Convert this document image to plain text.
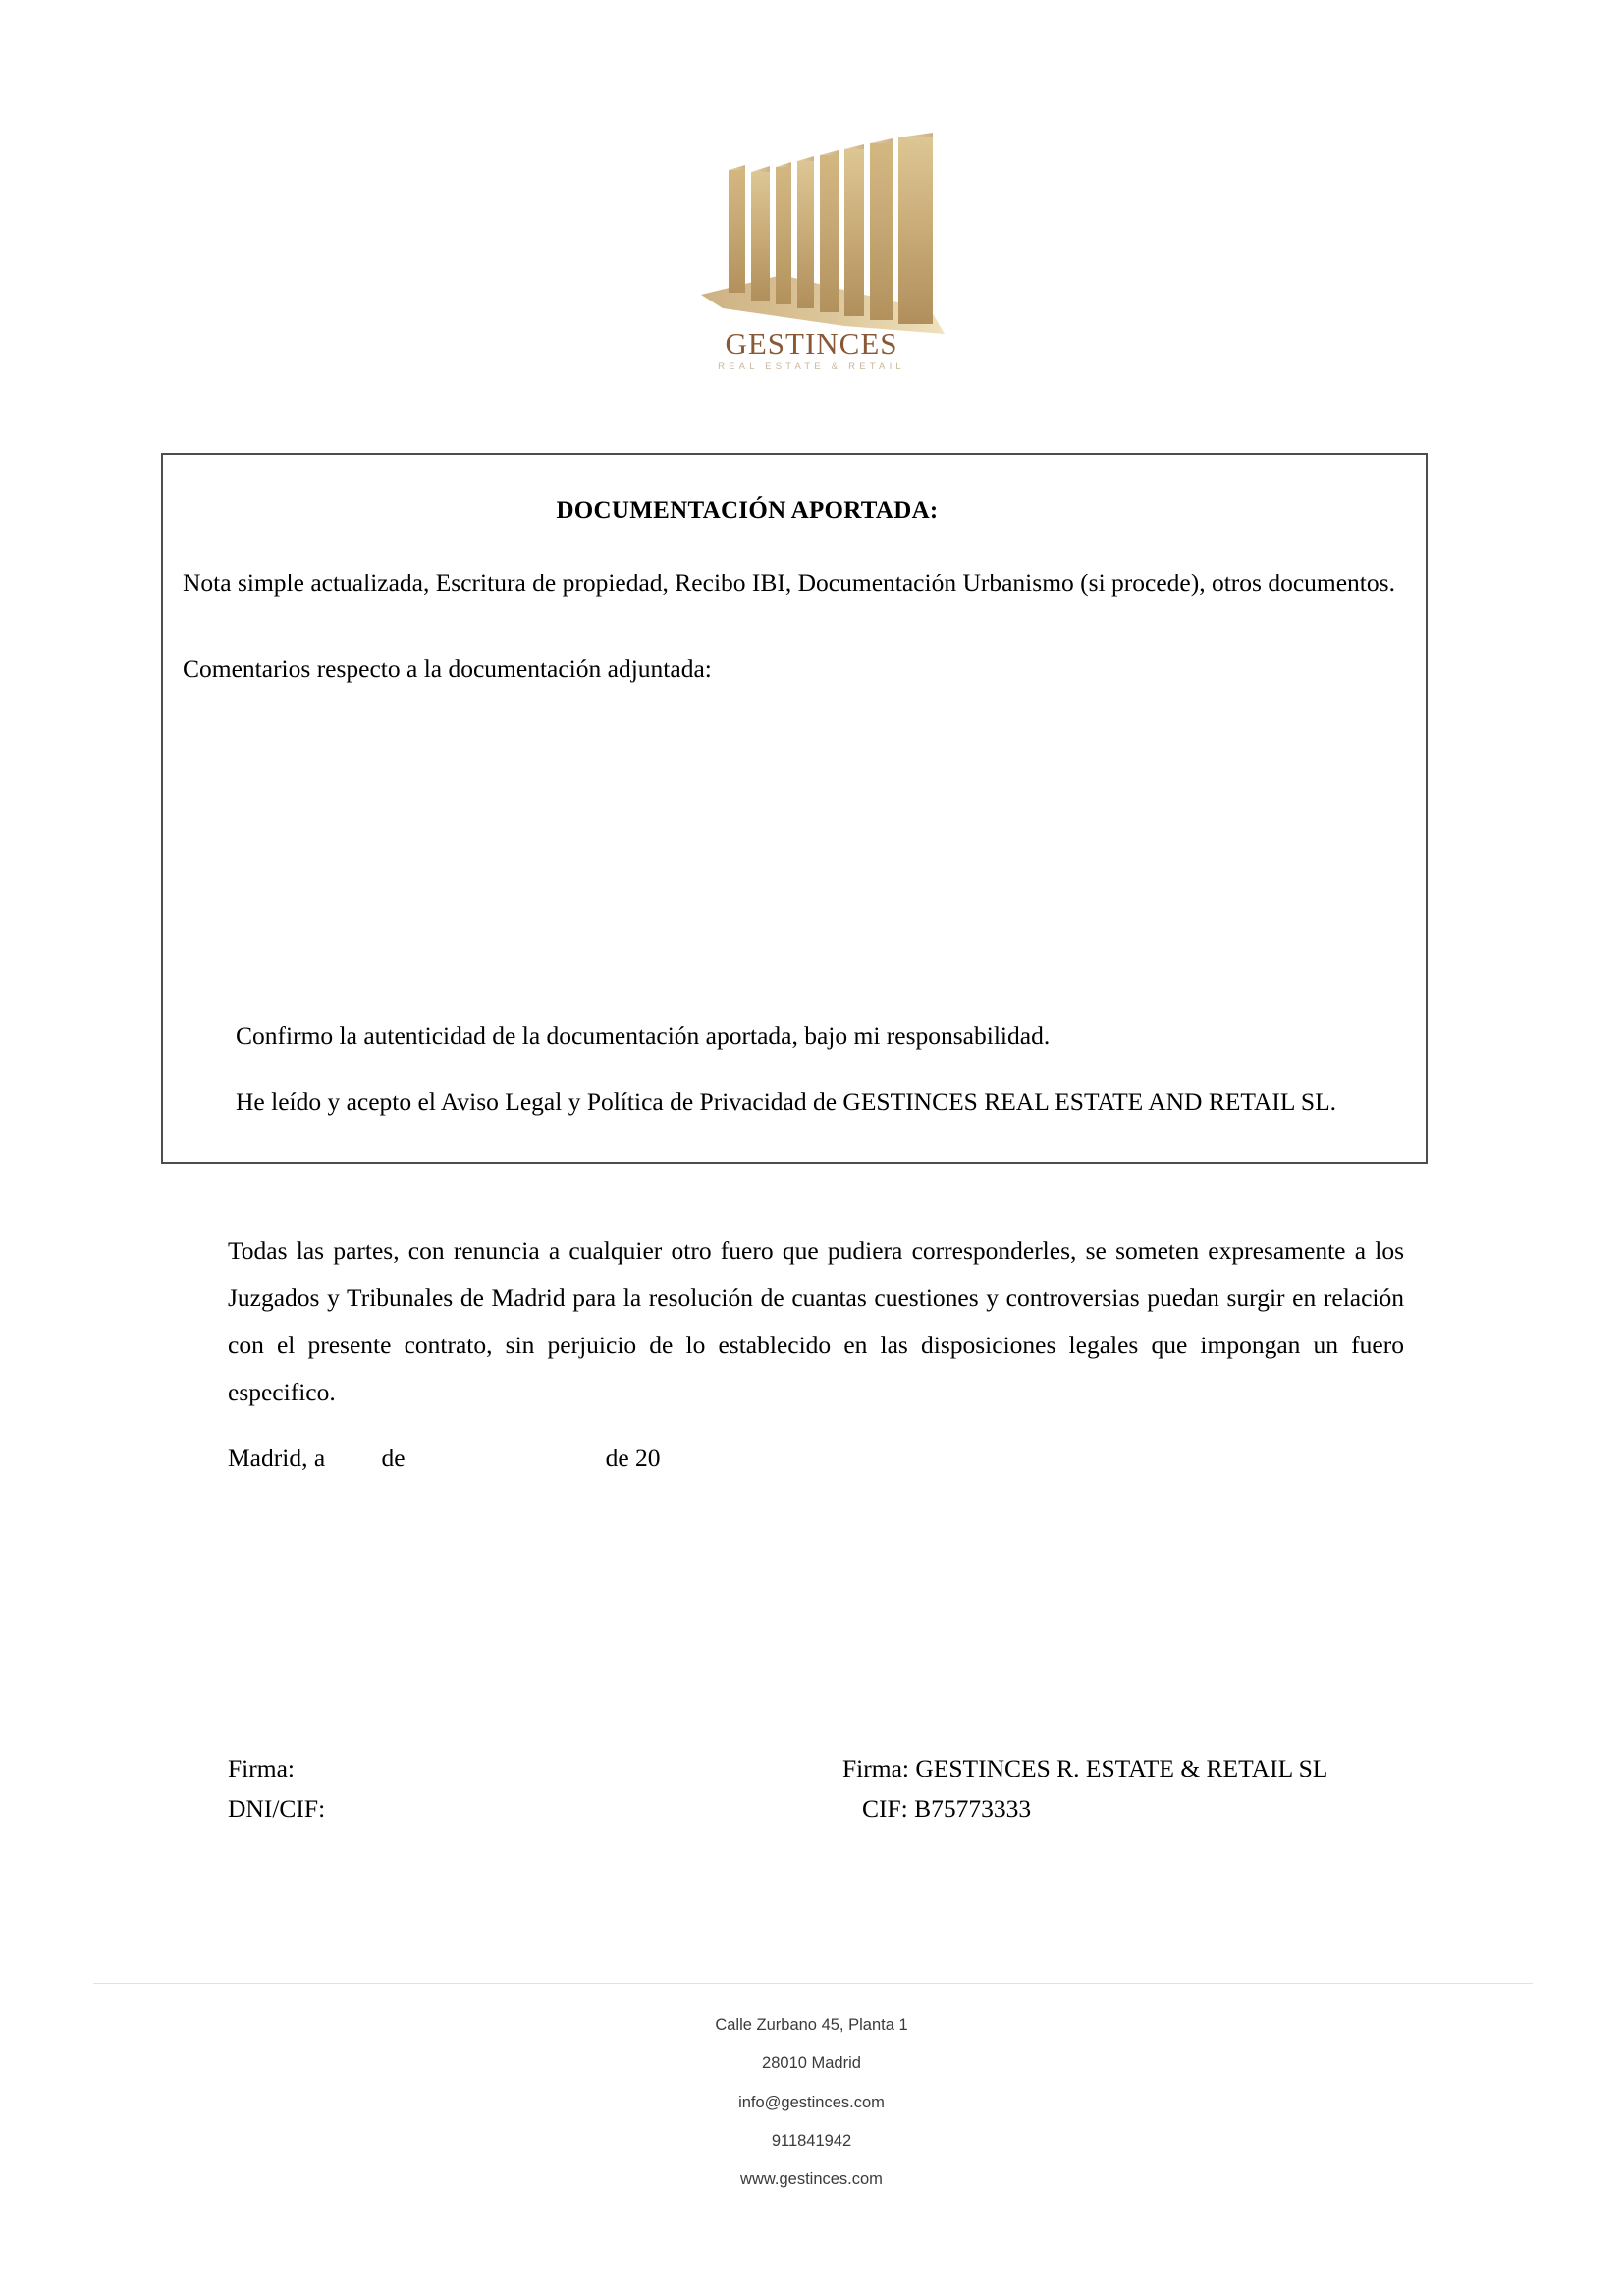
GESTINCES
REAL ESTATE & RETAIL
DOCUMENTACIÓN APORTADA:

Nota simple actualizada, Escritura de propiedad, Recibo IBI, Documentación Urbanismo (si procede), otros documentos.

Comentarios respecto a la documentación adjuntada:

Confirmo la autenticidad de la documentación aportada, bajo mi responsabilidad.

He leído y acepto el Aviso Legal y Política de Privacidad de GESTINCES REAL ESTATE AND RETAIL SL.

Todas las partes, con renuncia a cualquier otro fuero que pudiera corresponderles, se someten expresamente a los Juzgados y Tribunales de Madrid para la resolución de cuantas cuestiones y controversias puedan surgir en relación con el presente contrato, sin perjuicio de lo establecido en las disposiciones legales que impongan un fuero especifico.
Madrid, a         de                                de 20
Firma:	Firma: GESTINCES R. ESTATE & RETAIL SL
DNI/CIF:	CIF: B75773333
Calle Zurbano 45, Planta 1
28010 Madrid
info@gestinces.com
911841942
www.gestinces.com
